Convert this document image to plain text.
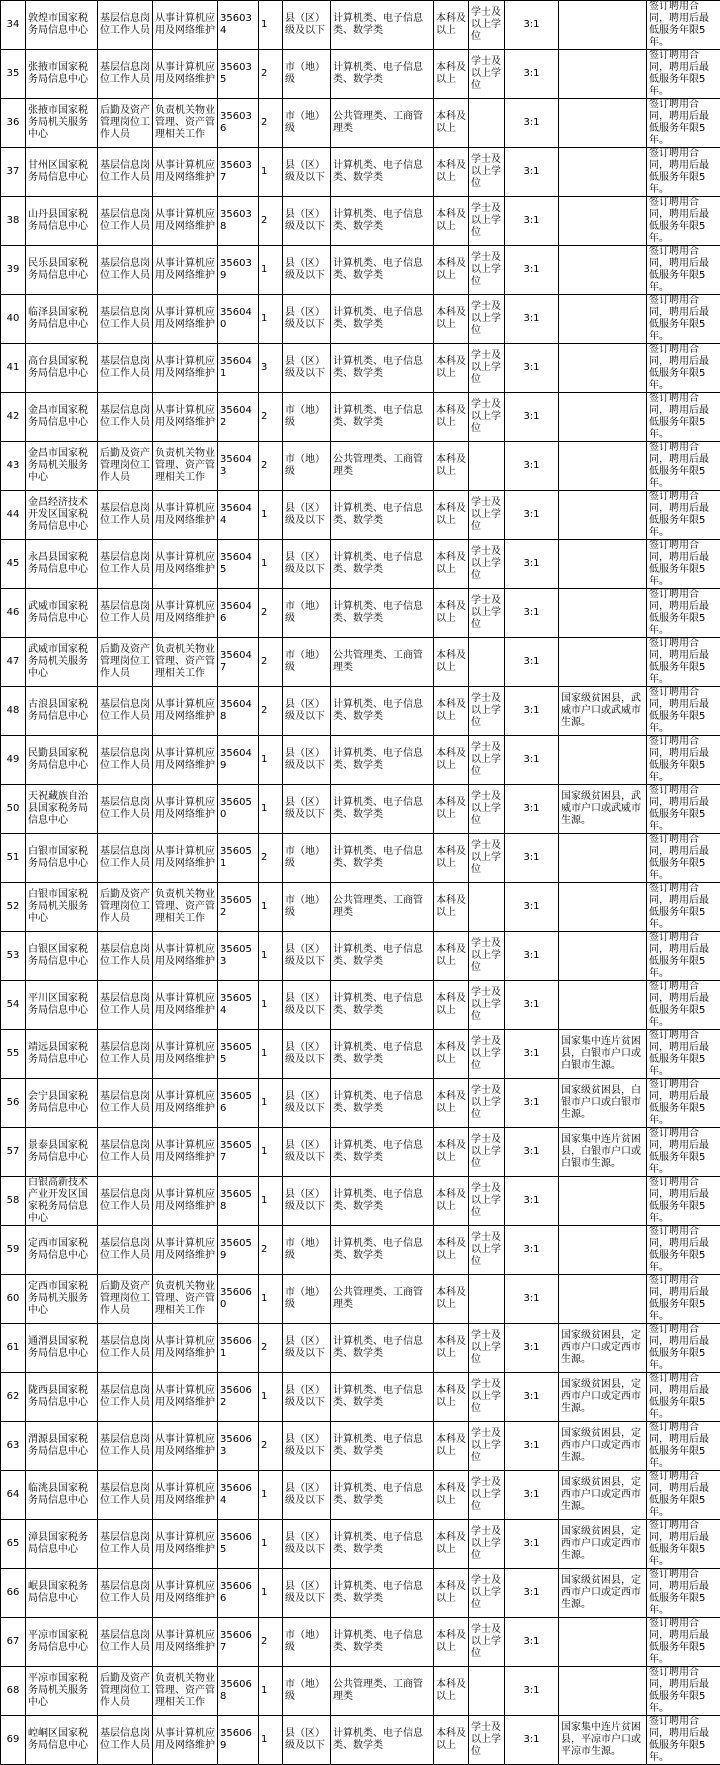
34	敦煌市国家税务局信息中心	基层信息岗位工作人员	从事计算机应用及网络维护	356034	1	县（区）级及以下	计算机类、电子信息类、数学类	本科及以上	学士及以上学位	3:1		签订聘用合同，聘用后最低服务年限5年。
35	张掖市国家税务局信息中心	基层信息岗位工作人员	从事计算机应用及网络维护	356035	2	市（地）级	计算机类、电子信息类、数学类	本科及以上	学士及以上学位	3:1		签订聘用合同，聘用后最低服务年限5年。
36	张掖市国家税务局机关服务中心	后勤及资产管理岗位工作人员	负责机关物业管理、资产管理相关工作	356036	2	市（地）级	公共管理类、工商管理类	本科及以上		3:1		签订聘用合同，聘用后最低服务年限5年。
37	甘州区国家税务局信息中心	基层信息岗位工作人员	从事计算机应用及网络维护	356037	1	县（区）级及以下	计算机类、电子信息类、数学类	本科及以上	学士及以上学位	3:1		签订聘用合同，聘用后最低服务年限5年。
38	山丹县国家税务局信息中心	基层信息岗位工作人员	从事计算机应用及网络维护	356038	2	县（区）级及以下	计算机类、电子信息类、数学类	本科及以上	学士及以上学位	3:1		签订聘用合同，聘用后最低服务年限5年。
39	民乐县国家税务局信息中心	基层信息岗位工作人员	从事计算机应用及网络维护	356039	1	县（区）级及以下	计算机类、电子信息类、数学类	本科及以上	学士及以上学位	3:1		签订聘用合同，聘用后最低服务年限5年。
40	临泽县国家税务局信息中心	基层信息岗位工作人员	从事计算机应用及网络维护	356040	1	县（区）级及以下	计算机类、电子信息类、数学类	本科及以上	学士及以上学位	3:1		签订聘用合同，聘用后最低服务年限5年。
41	高台县国家税务局信息中心	基层信息岗位工作人员	从事计算机应用及网络维护	356041	3	县（区）级及以下	计算机类、电子信息类、数学类	本科及以上	学士及以上学位	3:1		签订聘用合同，聘用后最低服务年限5年。
42	金昌市国家税务局信息中心	基层信息岗位工作人员	从事计算机应用及网络维护	356042	2	市（地）级	计算机类、电子信息类、数学类	本科及以上	学士及以上学位	3:1		签订聘用合同，聘用后最低服务年限5年。
43	金昌市国家税务局机关服务中心	后勤及资产管理岗位工作人员	负责机关物业管理、资产管理相关工作	356043	2	市（地）级	公共管理类、工商管理类	本科及以上		3:1		签订聘用合同，聘用后最低服务年限5年。
44	金昌经济技术开发区国家税务局信息中心	基层信息岗位工作人员	从事计算机应用及网络维护	356044	1	县（区）级及以下	计算机类、电子信息类、数学类	本科及以上	学士及以上学位	3:1		签订聘用合同，聘用后最低服务年限5年。
45	永昌县国家税务局信息中心	基层信息岗位工作人员	从事计算机应用及网络维护	356045	1	县（区）级及以下	计算机类、电子信息类、数学类	本科及以上	学士及以上学位	3:1		签订聘用合同，聘用后最低服务年限5年。
46	武威市国家税务局信息中心	基层信息岗位工作人员	从事计算机应用及网络维护	356046	2	市（地）级	计算机类、电子信息类、数学类	本科及以上	学士及以上学位	3:1		签订聘用合同，聘用后最低服务年限5年。
47	武威市国家税务局机关服务中心	后勤及资产管理岗位工作人员	负责机关物业管理、资产管理相关工作	356047	2	市（地）级	公共管理类、工商管理类	本科及以上		3:1		签订聘用合同，聘用后最低服务年限5年。
48	古浪县国家税务局信息中心	基层信息岗位工作人员	从事计算机应用及网络维护	356048	2	县（区）级及以下	计算机类、电子信息类、数学类	本科及以上	学士及以上学位	3:1	国家级贫困县，武威市户口或武威市生源。	签订聘用合同，聘用后最低服务年限5年。
49	民勤县国家税务局信息中心	基层信息岗位工作人员	从事计算机应用及网络维护	356049	1	县（区）级及以下	计算机类、电子信息类、数学类	本科及以上	学士及以上学位	3:1		签订聘用合同，聘用后最低服务年限5年。
50	天祝藏族自治县国家税务局信息中心	基层信息岗位工作人员	从事计算机应用及网络维护	356050	1	县（区）级及以下	计算机类、电子信息类、数学类	本科及以上	学士及以上学位	3:1	国家级贫困县，武威市户口或武威市生源。	签订聘用合同，聘用后最低服务年限5年。
51	白银市国家税务局信息中心	基层信息岗位工作人员	从事计算机应用及网络维护	356051	2	市（地）级	计算机类、电子信息类、数学类	本科及以上	学士及以上学位	3:1		签订聘用合同，聘用后最低服务年限5年。
52	白银市国家税务局机关服务中心	后勤及资产管理岗位工作人员	负责机关物业管理、资产管理相关工作	356052	1	市（地）级	公共管理类、工商管理类	本科及以上		3:1		签订聘用合同，聘用后最低服务年限5年。
53	白银区国家税务局信息中心	基层信息岗位工作人员	从事计算机应用及网络维护	356053	1	县（区）级及以下	计算机类、电子信息类、数学类	本科及以上	学士及以上学位	3:1		签订聘用合同，聘用后最低服务年限5年。
54	平川区国家税务局信息中心	基层信息岗位工作人员	从事计算机应用及网络维护	356054	1	县（区）级及以下	计算机类、电子信息类、数学类	本科及以上	学士及以上学位	3:1		签订聘用合同，聘用后最低服务年限5年。
55	靖远县国家税务局信息中心	基层信息岗位工作人员	从事计算机应用及网络维护	356055	1	县（区）级及以下	计算机类、电子信息类、数学类	本科及以上	学士及以上学位	3:1	国家集中连片贫困县，白银市户口或白银市生源。	签订聘用合同，聘用后最低服务年限5年。
56	会宁县国家税务局信息中心	基层信息岗位工作人员	从事计算机应用及网络维护	356056	1	县（区）级及以下	计算机类、电子信息类、数学类	本科及以上	学士及以上学位	3:1	国家级贫困县，白银市户口或白银市生源。	签订聘用合同，聘用后最低服务年限5年。
57	景泰县国家税务局信息中心	基层信息岗位工作人员	从事计算机应用及网络维护	356057	1	县（区）级及以下	计算机类、电子信息类、数学类	本科及以上	学士及以上学位	3:1	国家集中连片贫困县，白银市户口或白银市生源。	签订聘用合同，聘用后最低服务年限5年。
58	白银高新技术产业开发区国家税务局信息中心	基层信息岗位工作人员	从事计算机应用及网络维护	356058	1	县（区）级及以下	计算机类、电子信息类、数学类	本科及以上	学士及以上学位	3:1		签订聘用合同，聘用后最低服务年限5年。
59	定西市国家税务局信息中心	基层信息岗位工作人员	从事计算机应用及网络维护	356059	2	市（地）级	计算机类、电子信息类、数学类	本科及以上	学士及以上学位	3:1		签订聘用合同，聘用后最低服务年限5年。
60	定西市国家税务局机关服务中心	后勤及资产管理岗位工作人员	负责机关物业管理、资产管理相关工作	356060	1	市（地）级	公共管理类、工商管理类	本科及以上		3:1		签订聘用合同，聘用后最低服务年限5年。
61	通渭县国家税务局信息中心	基层信息岗位工作人员	从事计算机应用及网络维护	356061	2	县（区）级及以下	计算机类、电子信息类、数学类	本科及以上	学士及以上学位	3:1	国家级贫困县，定西市户口或定西市生源。	签订聘用合同，聘用后最低服务年限5年。
62	陇西县国家税务局信息中心	基层信息岗位工作人员	从事计算机应用及网络维护	356062	1	县（区）级及以下	计算机类、电子信息类、数学类	本科及以上	学士及以上学位	3:1	国家级贫困县，定西市户口或定西市生源。	签订聘用合同，聘用后最低服务年限5年。
63	渭源县国家税务局信息中心	基层信息岗位工作人员	从事计算机应用及网络维护	356063	2	县（区）级及以下	计算机类、电子信息类、数学类	本科及以上	学士及以上学位	3:1	国家级贫困县，定西市户口或定西市生源。	签订聘用合同，聘用后最低服务年限5年。
64	临洮县国家税务局信息中心	基层信息岗位工作人员	从事计算机应用及网络维护	356064	1	县（区）级及以下	计算机类、电子信息类、数学类	本科及以上	学士及以上学位	3:1	国家级贫困县，定西市户口或定西市生源。	签订聘用合同，聘用后最低服务年限5年。
65	漳县国家税务局信息中心	基层信息岗位工作人员	从事计算机应用及网络维护	356065	1	县（区）级及以下	计算机类、电子信息类、数学类	本科及以上	学士及以上学位	3:1	国家级贫困县，定西市户口或定西市生源。	签订聘用合同，聘用后最低服务年限5年。
66	岷县国家税务局信息中心	基层信息岗位工作人员	从事计算机应用及网络维护	356066	1	县（区）级及以下	计算机类、电子信息类、数学类	本科及以上	学士及以上学位	3:1	国家级贫困县，定西市户口或定西市生源。	签订聘用合同，聘用后最低服务年限5年。
67	平凉市国家税务局信息中心	基层信息岗位工作人员	从事计算机应用及网络维护	356067	2	市（地）级	计算机类、电子信息类、数学类	本科及以上	学士及以上学位	3:1		签订聘用合同，聘用后最低服务年限5年。
68	平凉市国家税务局机关服务中心	后勤及资产管理岗位工作人员	负责机关物业管理、资产管理相关工作	356068	1	市（地）级	公共管理类、工商管理类	本科及以上		3:1		签订聘用合同，聘用后最低服务年限5年。
69	崆峒区国家税务局信息中心	基层信息岗位工作人员	从事计算机应用及网络维护	356069	1	县（区）级及以下	计算机类、电子信息类、数学类	本科及以上	学士及以上学位	3:1	国家集中连片贫困县，平凉市户口或平凉市生源。	签订聘用合同，聘用后最低服务年限5年。
